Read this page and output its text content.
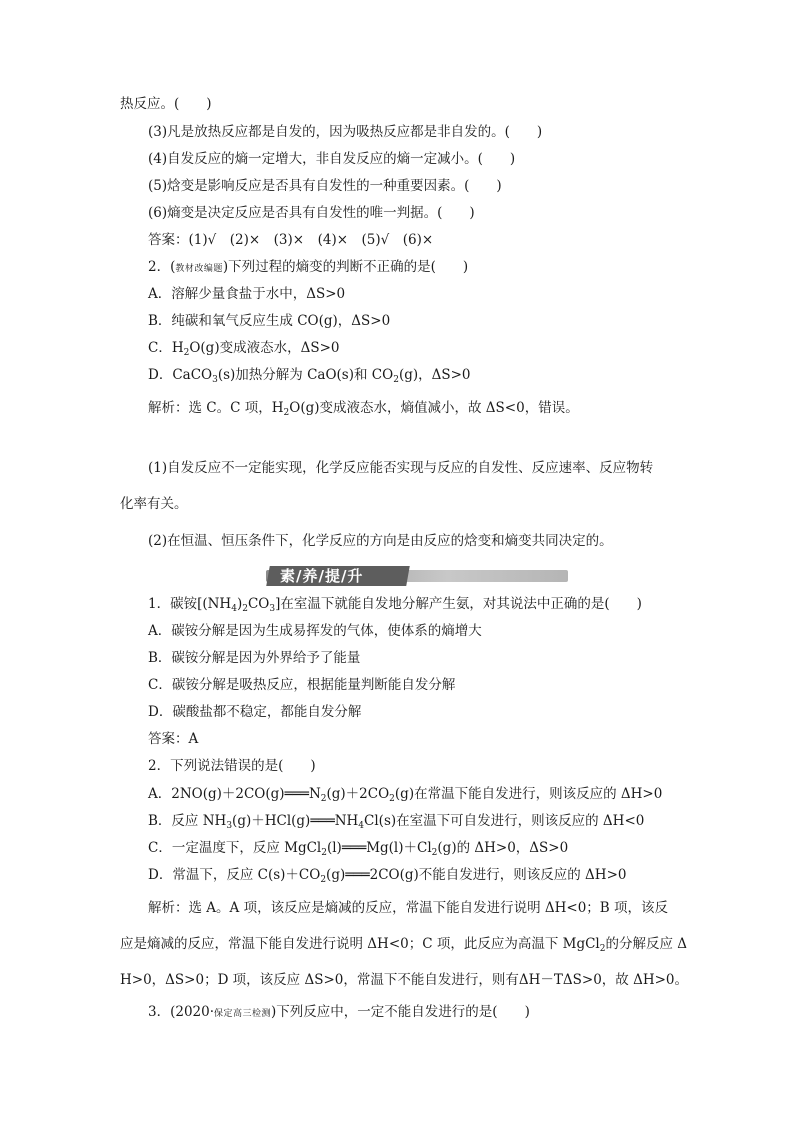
热反应。(　　)
(3)凡是放热反应都是自发的，因为吸热反应都是非自发的。(　　)
(4)自发反应的熵一定增大，非自发反应的熵一定减小。(　　)
(5)焓变是影响反应是否具有自发性的一种重要因素。(　　)
(6)熵变是决定反应是否具有自发性的唯一判据。(　　)
答案：(1)√　(2)×　(3)×　(4)×　(5)√　(6)×
2．(教材改编题)下列过程的熵变的判断不正确的是(　　)
A．溶解少量食盐于水中，ΔS>0
B．纯碳和氧气反应生成 CO(g)，ΔS>0
C．$H_2O(g)$变成液态水，ΔS>0
D．CaCO$_3$(s)加热分解为 CaO(s)和 $CO_2(g)$，ΔS>0
解析：选 C。C 项，$H_2O(g)$变成液态水，熵值减小，故 ΔS<0，错误。
(1)自发反应不一定能实现，化学反应能否实现与反应的自发性、反应速率、反应物转
化率有关。
(2)在恒温、恒压条件下，化学反应的方向是由反应的焓变和熵变共同决定的。
素/养/提/升
1．碳铵$[(NH_4)_2CO_3]$在室温下就能自发地分解产生氨，对其说法中正确的是(　　)
A．碳铵分解是因为生成易挥发的气体，使体系的熵增大
B．碳铵分解是因为外界给予了能量
C．碳铵分解是吸热反应，根据能量判断能自发分解
D．碳酸盐都不稳定，都能自发分解
答案：A
2．下列说法错误的是(　　)
A．$2NO(g)+2CO(g)═══N_2(g)+2CO_2(g)$在常温下能自发进行，则该反应的 ΔH>0
B．反应 $NH_3(g)+HCl(g)═══NH_4Cl(s)$在室温下可自发进行，则该反应的 ΔH<0
C．一定温度下，反应 $MgCl_2(l)═══Mg(l)+Cl_2(g)$的 ΔH>0，ΔS>0
D．常温下，反应 $C(s)+CO_2(g)═══2CO(g)$不能自发进行，则该反应的 ΔH>0
解析：选 A。A 项，该反应是熵减的反应，常温下能自发进行说明 ΔH<0；B 项，该反
应是熵减的反应，常温下能自发进行说明 ΔH<0；C 项，此反应为高温下 MgCl$_2$的分解反应 Δ
H>0，ΔS>0；D 项，该反应 ΔS>0，常温下不能自发进行，则有ΔH－TΔS>0，故 ΔH>0。
3．(2020·保定高三检测)下列反应中，一定不能自发进行的是(　　)
